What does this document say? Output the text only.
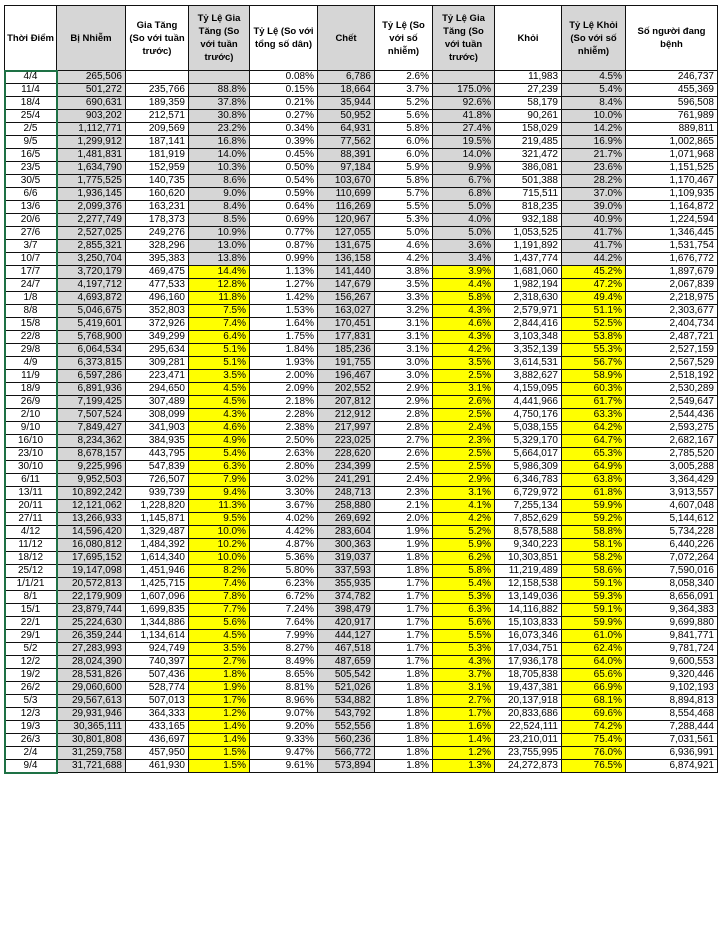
Thời Điểm	Bị Nhiễm	Gia Tăng (So với tuần trước)	Tỷ Lệ Gia Tăng (So với tuần trước)	Tỷ Lệ (So với tổng số dân)	Chết	Tỷ Lệ (So với số nhiễm)	Tỷ Lệ Gia Tăng (So với tuần trước)	Khỏi	Tỷ Lệ Khỏi (So với số nhiễm)	Số người đang bệnh
4/4	265,506			0.08%	6,786	2.6%		11,983	4.5%	246,737
11/4	501,272	235,766	88.8%	0.15%	18,664	3.7%	175.0%	27,239	5.4%	455,369
18/4	690,631	189,359	37.8%	0.21%	35,944	5.2%	92.6%	58,179	8.4%	596,508
25/4	903,202	212,571	30.8%	0.27%	50,952	5.6%	41.8%	90,261	10.0%	761,989
2/5	1,112,771	209,569	23.2%	0.34%	64,931	5.8%	27.4%	158,029	14.2%	889,811
9/5	1,299,912	187,141	16.8%	0.39%	77,562	6.0%	19.5%	219,485	16.9%	1,002,865
16/5	1,481,831	181,919	14.0%	0.45%	88,391	6.0%	14.0%	321,472	21.7%	1,071,968
23/5	1,634,790	152,959	10.3%	0.50%	97,184	5.9%	9.9%	386,081	23.6%	1,151,525
30/5	1,775,525	140,735	8.6%	0.54%	103,670	5.8%	6.7%	501,388	28.2%	1,170,467
6/6	1,936,145	160,620	9.0%	0.59%	110,699	5.7%	6.8%	715,511	37.0%	1,109,935
13/6	2,099,376	163,231	8.4%	0.64%	116,269	5.5%	5.0%	818,235	39.0%	1,164,872
20/6	2,277,749	178,373	8.5%	0.69%	120,967	5.3%	4.0%	932,188	40.9%	1,224,594
27/6	2,527,025	249,276	10.9%	0.77%	127,055	5.0%	5.0%	1,053,525	41.7%	1,346,445
3/7	2,855,321	328,296	13.0%	0.87%	131,675	4.6%	3.6%	1,191,892	41.7%	1,531,754
10/7	3,250,704	395,383	13.8%	0.99%	136,158	4.2%	3.4%	1,437,774	44.2%	1,676,772
17/7	3,720,179	469,475	14.4%	1.13%	141,440	3.8%	3.9%	1,681,060	45.2%	1,897,679
24/7	4,197,712	477,533	12.8%	1.27%	147,679	3.5%	4.4%	1,982,194	47.2%	2,067,839
1/8	4,693,872	496,160	11.8%	1.42%	156,267	3.3%	5.8%	2,318,630	49.4%	2,218,975
8/8	5,046,675	352,803	7.5%	1.53%	163,027	3.2%	4.3%	2,579,971	51.1%	2,303,677
15/8	5,419,601	372,926	7.4%	1.64%	170,451	3.1%	4.6%	2,844,416	52.5%	2,404,734
22/8	5,768,900	349,299	6.4%	1.75%	177,831	3.1%	4.3%	3,103,348	53.8%	2,487,721
29/8	6,064,534	295,634	5.1%	1.84%	185,236	3.1%	4.2%	3,352,139	55.3%	2,527,159
4/9	6,373,815	309,281	5.1%	1.93%	191,755	3.0%	3.5%	3,614,531	56.7%	2,567,529
11/9	6,597,286	223,471	3.5%	2.00%	196,467	3.0%	2.5%	3,882,627	58.9%	2,518,192
18/9	6,891,936	294,650	4.5%	2.09%	202,552	2.9%	3.1%	4,159,095	60.3%	2,530,289
26/9	7,199,425	307,489	4.5%	2.18%	207,812	2.9%	2.6%	4,441,966	61.7%	2,549,647
2/10	7,507,524	308,099	4.3%	2.28%	212,912	2.8%	2.5%	4,750,176	63.3%	2,544,436
9/10	7,849,427	341,903	4.6%	2.38%	217,997	2.8%	2.4%	5,038,155	64.2%	2,593,275
16/10	8,234,362	384,935	4.9%	2.50%	223,025	2.7%	2.3%	5,329,170	64.7%	2,682,167
23/10	8,678,157	443,795	5.4%	2.63%	228,620	2.6%	2.5%	5,664,017	65.3%	2,785,520
30/10	9,225,996	547,839	6.3%	2.80%	234,399	2.5%	2.5%	5,986,309	64.9%	3,005,288
6/11	9,952,503	726,507	7.9%	3.02%	241,291	2.4%	2.9%	6,346,783	63.8%	3,364,429
13/11	10,892,242	939,739	9.4%	3.30%	248,713	2.3%	3.1%	6,729,972	61.8%	3,913,557
20/11	12,121,062	1,228,820	11.3%	3.67%	258,880	2.1%	4.1%	7,255,134	59.9%	4,607,048
27/11	13,266,933	1,145,871	9.5%	4.02%	269,692	2.0%	4.2%	7,852,629	59.2%	5,144,612
4/12	14,596,420	1,329,487	10.0%	4.42%	283,604	1.9%	5.2%	8,578,588	58.8%	5,734,228
11/12	16,080,812	1,484,392	10.2%	4.87%	300,363	1.9%	5.9%	9,340,223	58.1%	6,440,226
18/12	17,695,152	1,614,340	10.0%	5.36%	319,037	1.8%	6.2%	10,303,851	58.2%	7,072,264
25/12	19,147,098	1,451,946	8.2%	5.80%	337,593	1.8%	5.8%	11,219,489	58.6%	7,590,016
1/1/21	20,572,813	1,425,715	7.4%	6.23%	355,935	1.7%	5.4%	12,158,538	59.1%	8,058,340
8/1	22,179,909	1,607,096	7.8%	6.72%	374,782	1.7%	5.3%	13,149,036	59.3%	8,656,091
15/1	23,879,744	1,699,835	7.7%	7.24%	398,479	1.7%	6.3%	14,116,882	59.1%	9,364,383
22/1	25,224,630	1,344,886	5.6%	7.64%	420,917	1.7%	5.6%	15,103,833	59.9%	9,699,880
29/1	26,359,244	1,134,614	4.5%	7.99%	444,127	1.7%	5.5%	16,073,346	61.0%	9,841,771
5/2	27,283,993	924,749	3.5%	8.27%	467,518	1.7%	5.3%	17,034,751	62.4%	9,781,724
12/2	28,024,390	740,397	2.7%	8.49%	487,659	1.7%	4.3%	17,936,178	64.0%	9,600,553
19/2	28,531,826	507,436	1.8%	8.65%	505,542	1.8%	3.7%	18,705,838	65.6%	9,320,446
26/2	29,060,600	528,774	1.9%	8.81%	521,026	1.8%	3.1%	19,437,381	66.9%	9,102,193
5/3	29,567,613	507,013	1.7%	8.96%	534,882	1.8%	2.7%	20,137,918	68.1%	8,894,813
12/3	29,931,946	364,333	1.2%	9.07%	543,792	1.8%	1.7%	20,833,686	69.6%	8,554,468
19/3	30,365,111	433,165	1.4%	9.20%	552,556	1.8%	1.6%	22,524,111	74.2%	7,288,444
26/3	30,801,808	436,697	1.4%	9.33%	560,236	1.8%	1.4%	23,210,011	75.4%	7,031,561
2/4	31,259,758	457,950	1.5%	9.47%	566,772	1.8%	1.2%	23,755,995	76.0%	6,936,991
9/4	31,721,688	461,930	1.5%	9.61%	573,894	1.8%	1.3%	24,272,873	76.5%	6,874,921
